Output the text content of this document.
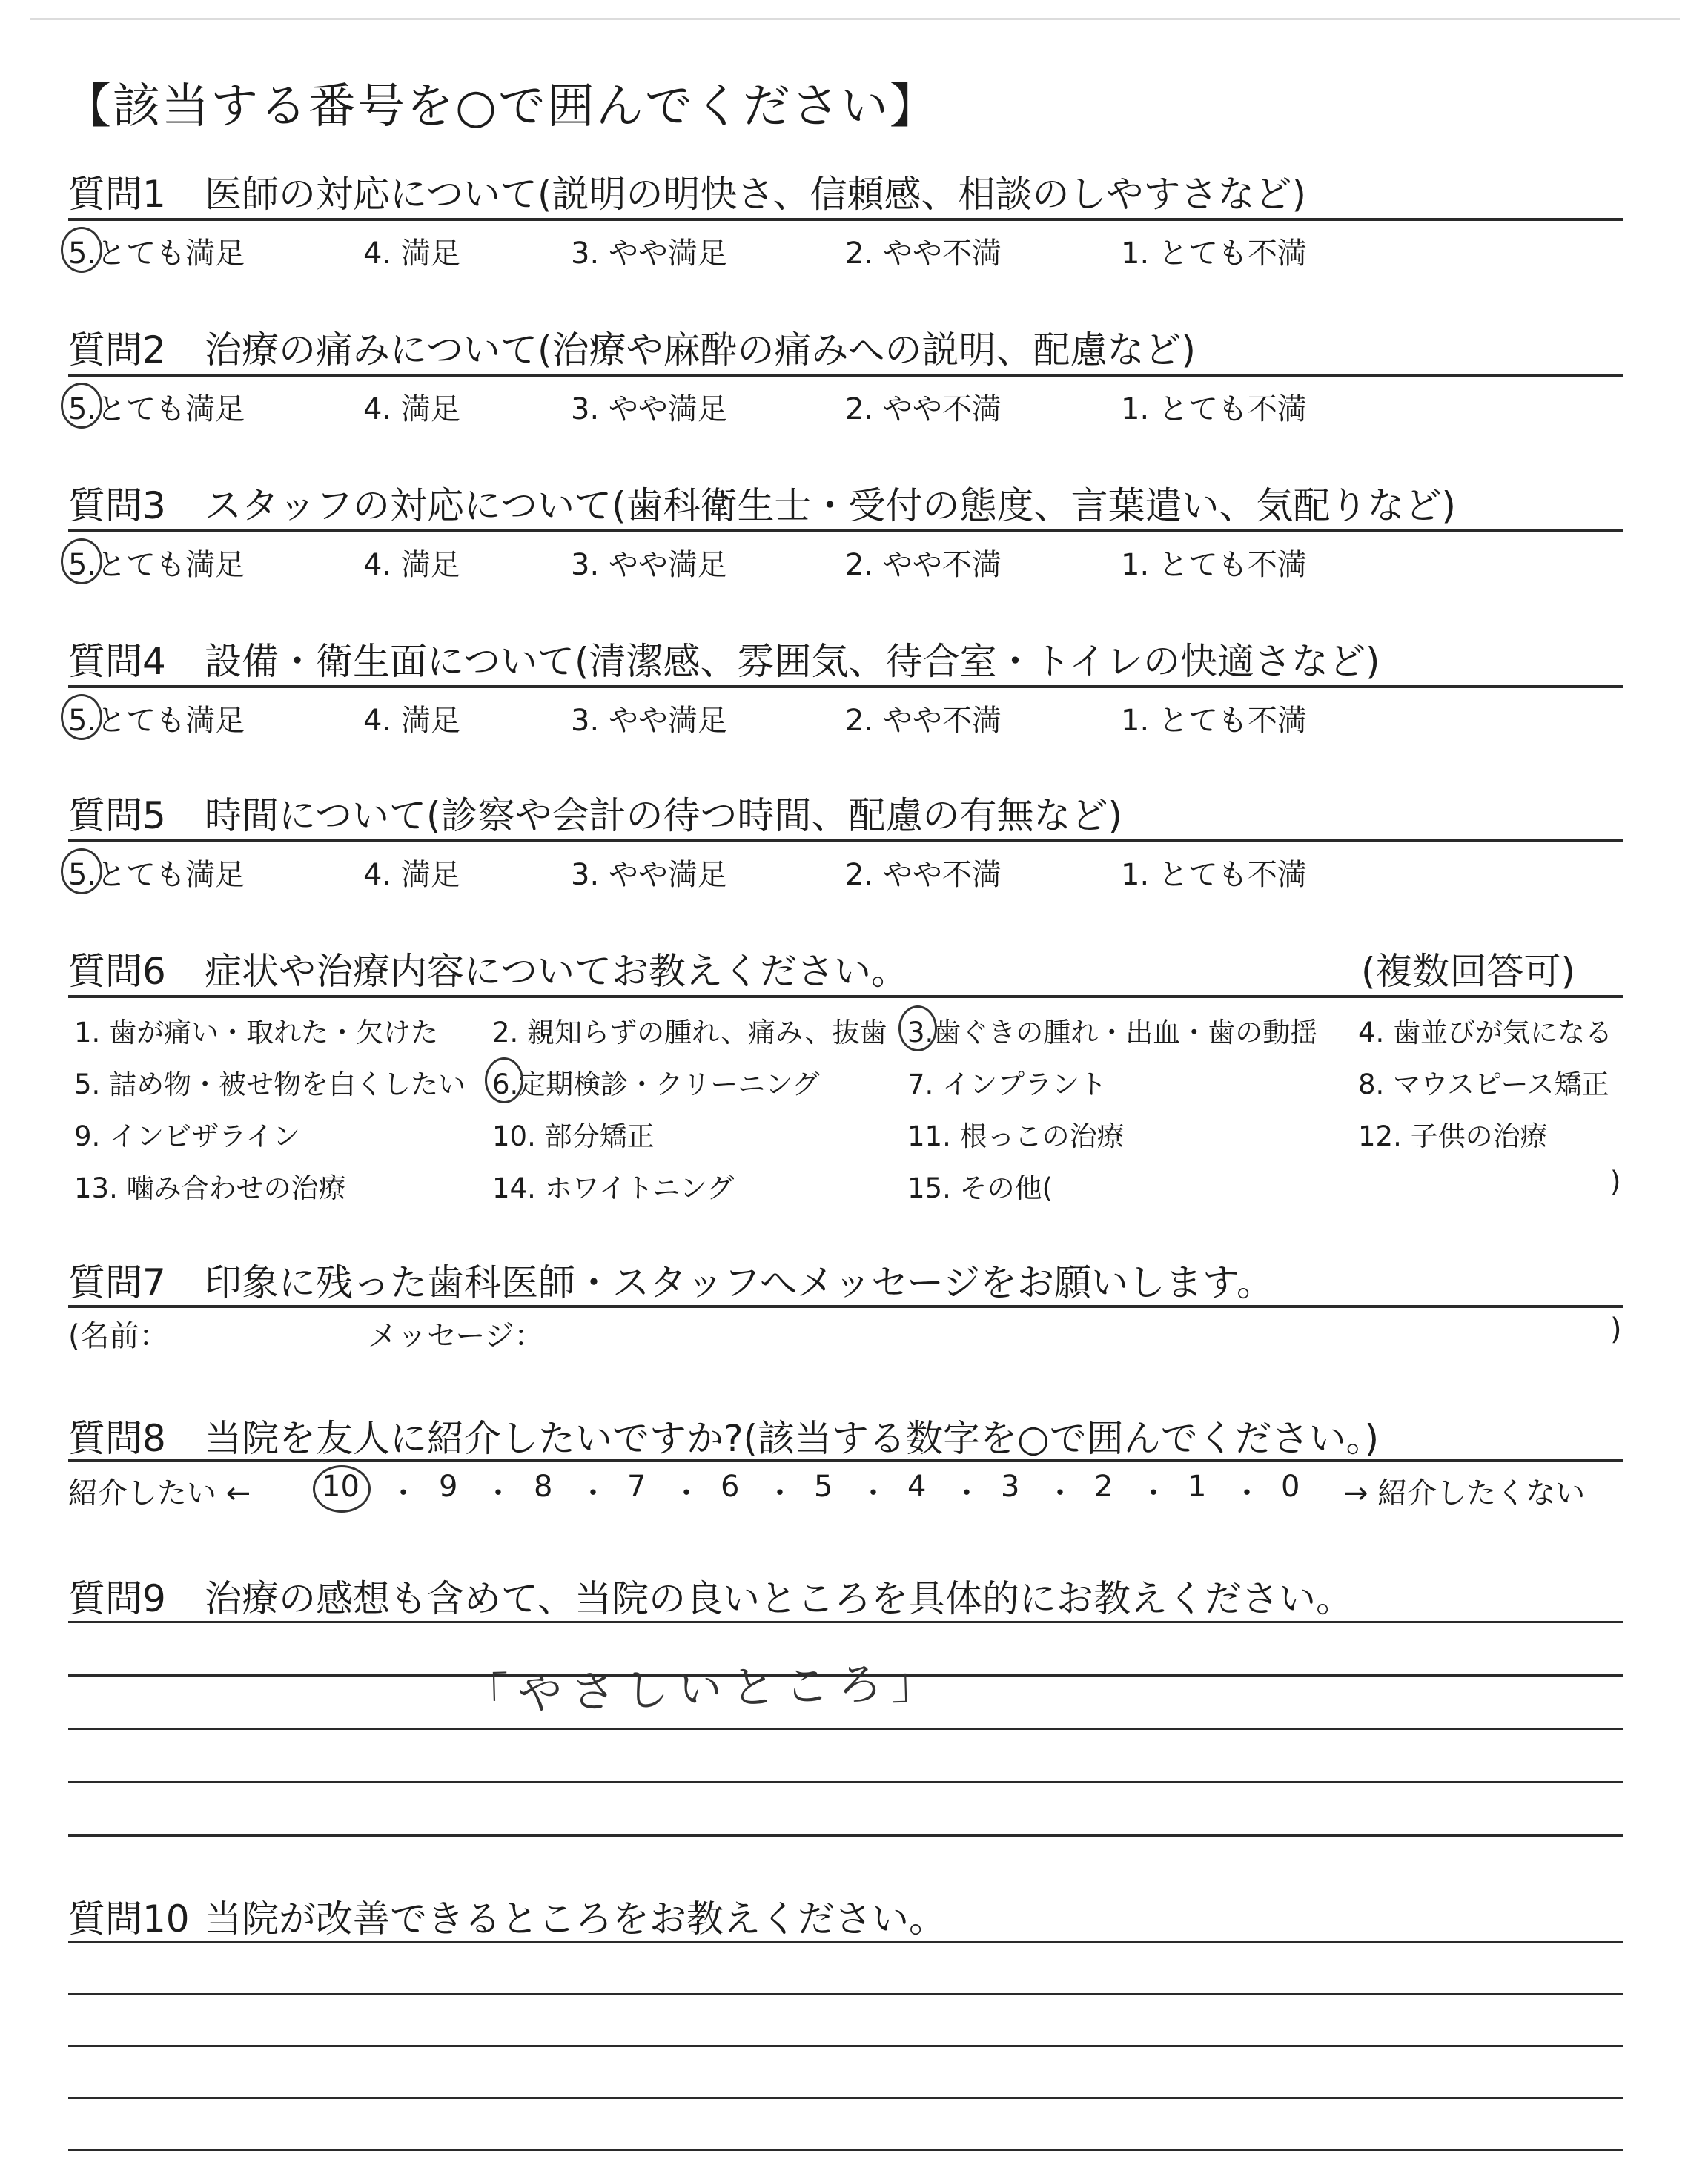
【該当する番号を○で囲んでください】
質問1 医師の対応について(説明の明快さ、信頼感、相談のしやすさなど)
5.とても満足	4. 満足	3. やや満足	2. やや不満	1. とても不満
質問2 治療の痛みについて(治療や麻酔の痛みへの説明、配慮など)
5.とても満足	4. 満足	3. やや満足	2. やや不満	1. とても不満
質問3 スタッフの対応について(歯科衛生士・受付の態度、言葉遣い、気配りなど)
5.とても満足	4. 満足	3. やや満足	2. やや不満	1. とても不満
質問4 設備・衛生面について(清潔感、雰囲気、待合室・トイレの快適さなど)
5.とても満足	4. 満足	3. やや満足	2. やや不満	1. とても不満
質問5 時間について(診察や会計の待つ時間、配慮の有無など)
5.とても満足	4. 満足	3. やや満足	2. やや不満	1. とても不満
質問6 症状や治療内容についてお教えください。	(複数回答可)
1. 歯が痛い・取れた・欠けた 2. 親知らずの腫れ、痛み、抜歯 3.歯ぐきの腫れ・出血・歯の動揺 4. 歯並びが気になる
5. 詰め物・被せ物を白くしたい 6.定期検診・クリーニング	7. インプラント	8. マウスピース矯正
9. インビザライン	10. 部分矯正	11. 根っこの治療	12. 子供の治療
13. 噛み合わせの治療	14. ホワイトニング	15. その他(	)
質問7 印象に残った歯科医師・スタッフへメッセージをお願いします。
(名前：	メッセージ：	)
質問8 当院を友人に紹介したいですか?(該当する数字を○で囲んでください。)
紹介したい ← 10 ・ 9 ・ 8 ・ 7 ・ 6 ・ 5 ・ 4 ・ 3 ・ 2 ・ 1 ・ 0 → 紹介したくない
質問9 治療の感想も含めて、当院の良いところを具体的にお教えください。
「やさしいところ」
質問10 当院が改善できるところをお教えください。
